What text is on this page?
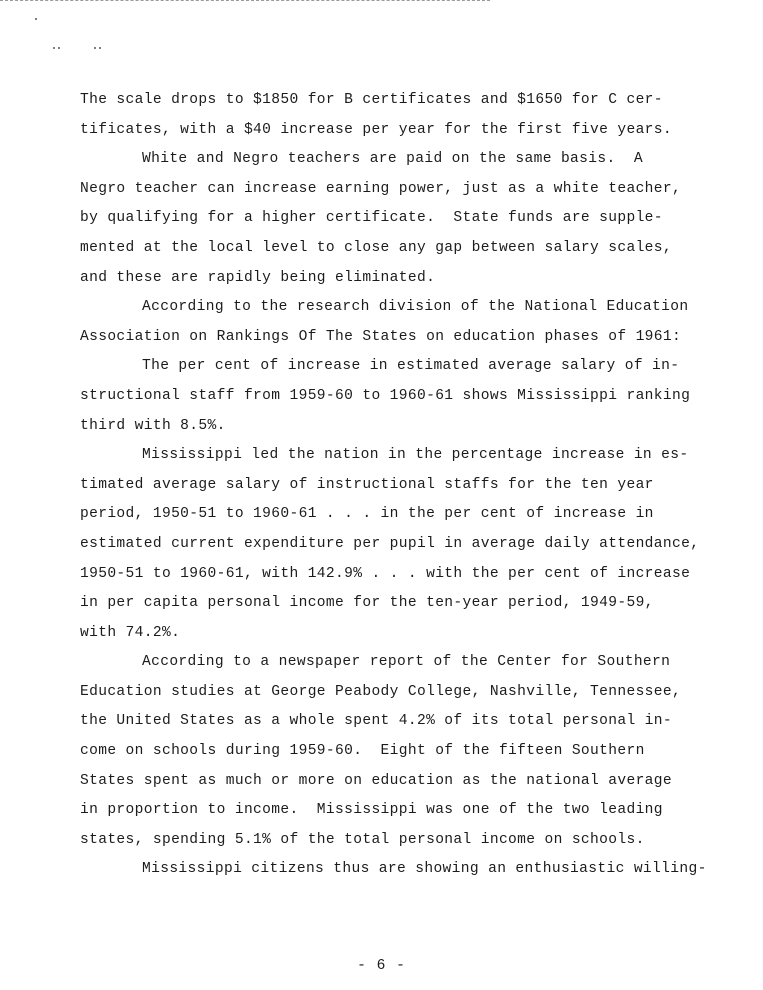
The scale drops to $1850 for B certificates and $1650 for C cer-
tificates, with a $40 increase per year for the first five years.
White and Negro teachers are paid on the same basis.  A
Negro teacher can increase earning power, just as a white teacher,
by qualifying for a higher certificate.  State funds are supple-
mented at the local level to close any gap between salary scales,
and these are rapidly being eliminated.
According to the research division of the National Education
Association on Rankings Of The States on education phases of 1961:
The per cent of increase in estimated average salary of in-
structional staff from 1959-60 to 1960-61 shows Mississippi ranking
third with 8.5%.
Mississippi led the nation in the percentage increase in es-
timated average salary of instructional staffs for the ten year
period, 1950-51 to 1960-61 . . . in the per cent of increase in
estimated current expenditure per pupil in average daily attendance,
1950-51 to 1960-61, with 142.9% . . . with the per cent of increase
in per capita personal income for the ten-year period, 1949-59,
with 74.2%.
According to a newspaper report of the Center for Southern
Education studies at George Peabody College, Nashville, Tennessee,
the United States as a whole spent 4.2% of its total personal in-
come on schools during 1959-60.  Eight of the fifteen Southern
States spent as much or more on education as the national average
in proportion to income.  Mississippi was one of the two leading
states, spending 5.1% of the total personal income on schools.
Mississippi citizens thus are showing an enthusiastic willing-
- 6 -
